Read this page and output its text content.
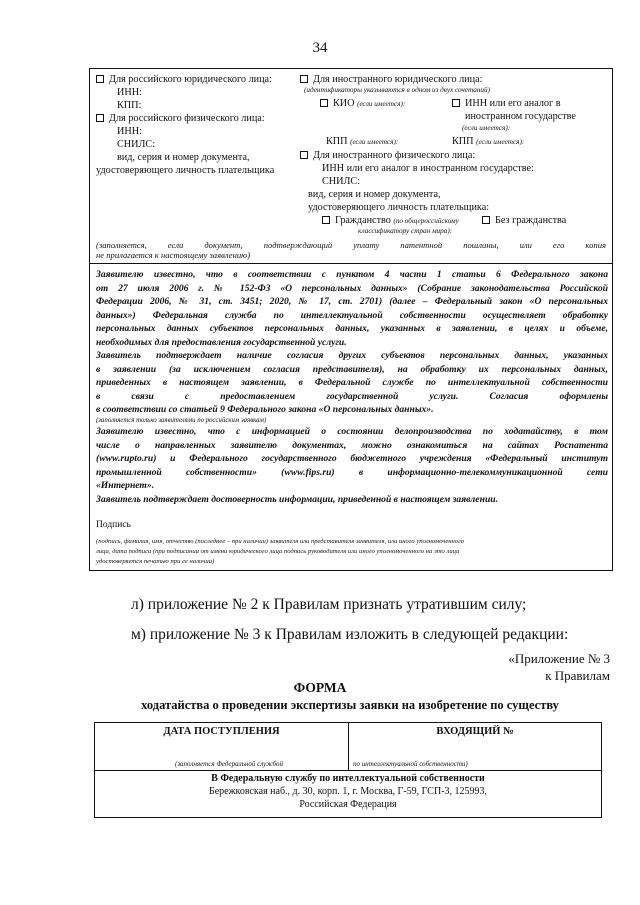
34
Для российского юридического лица:
ИНН:
КПП:
Для российского физического лица:
ИНН:
СНИЛС:
вид, серия и номер документа,
удостоверяющего личность плательщика
Для иностранного юридического лица:
(идентификаторы указываются в одном из двух сочетаний)
КИО (если имеется):	ИНН или его аналог в
иностранном государстве
(если имеется):
КПП (если имеется):	КПП (если имеется):
Для иностранного физического лица:
ИНН или его аналог в иностранном государстве:
СНИЛС:
вид, серия и номер документа,
удостоверяющего личность плательщика:
Гражданство (по общероссийскому	Без гражданства
классификатору стран мира):
(заполняется, если документ, подтверждающий уплату патентной пошлины, или его копия
не прилагается к настоящему заявлению)
Заявителю известно, что в соответствии с пунктом 4 части 1 статьи 6 Федерального закона
от 27 июля 2006 г. № 152-ФЗ «О персональных данных» (Собрание законодательства Российской
Федерации 2006, № 31, ст. 3451; 2020, № 17, ст. 2701) (далее – Федеральный закон «О персональных
данных») Федеральная служба по интеллектуальной собственности осуществляет обработку
персональных данных субъектов персональных данных, указанных в заявлении, в целях и объеме,
необходимых для предоставления государственной услуги.
Заявитель подтверждает наличие согласия других субъектов персональных данных, указанных
в заявлении (за исключением согласия представителя), на обработку их персональных данных,
приведенных в настоящем заявлении, в Федеральной службе по интеллектуальной собственности
в связи с предоставлением государственной услуги. Согласия оформлены
в соответствии со статьей 9 Федерального закона «О персональных данных».
(заполняется только заявителями по российским заявкам)
Заявителю известно, что с информацией о состоянии делопроизводства по ходатайству, в том
числе о направленных заявителю документах, можно ознакомиться на сайтах Роспатента
(www.rupto.ru) и Федерального государственного бюджетного учреждения «Федеральный институт
промышленной собственности» (www.fips.ru) в информационно-телекоммуникационной сети
«Интернет».
Заявитель подтверждает достоверность информации, приведенной в настоящем заявлении.
Подпись
(подпись, фамилия, имя, отчество (последнее – при наличии) заявителя или представителя заявителя, или иного уполномоченного
лица, дата подписи (при подписании от имени юридического лица подпись руководителя или иного уполномоченного на это лица
удостоверяется печатью при ее наличии)
л) приложение № 2 к Правилам признать утратившим силу;
м) приложение № 3 к Правилам изложить в следующей редакции:
«Приложение № 3
к Правилам
ФОРМА
ходатайства о проведении экспертизы заявки на изобретение по существу
ДАТА ПОСТУПЛЕНИЯ	ВХОДЯЩИЙ №
(заполняется Федеральной службой	по интеллектуальной собственности)
В Федеральную службу по интеллектуальной собственности
Бережковская наб., д. 30, корп. 1, г. Москва, Г-59, ГСП-3, 125993,
Российская Федерация
